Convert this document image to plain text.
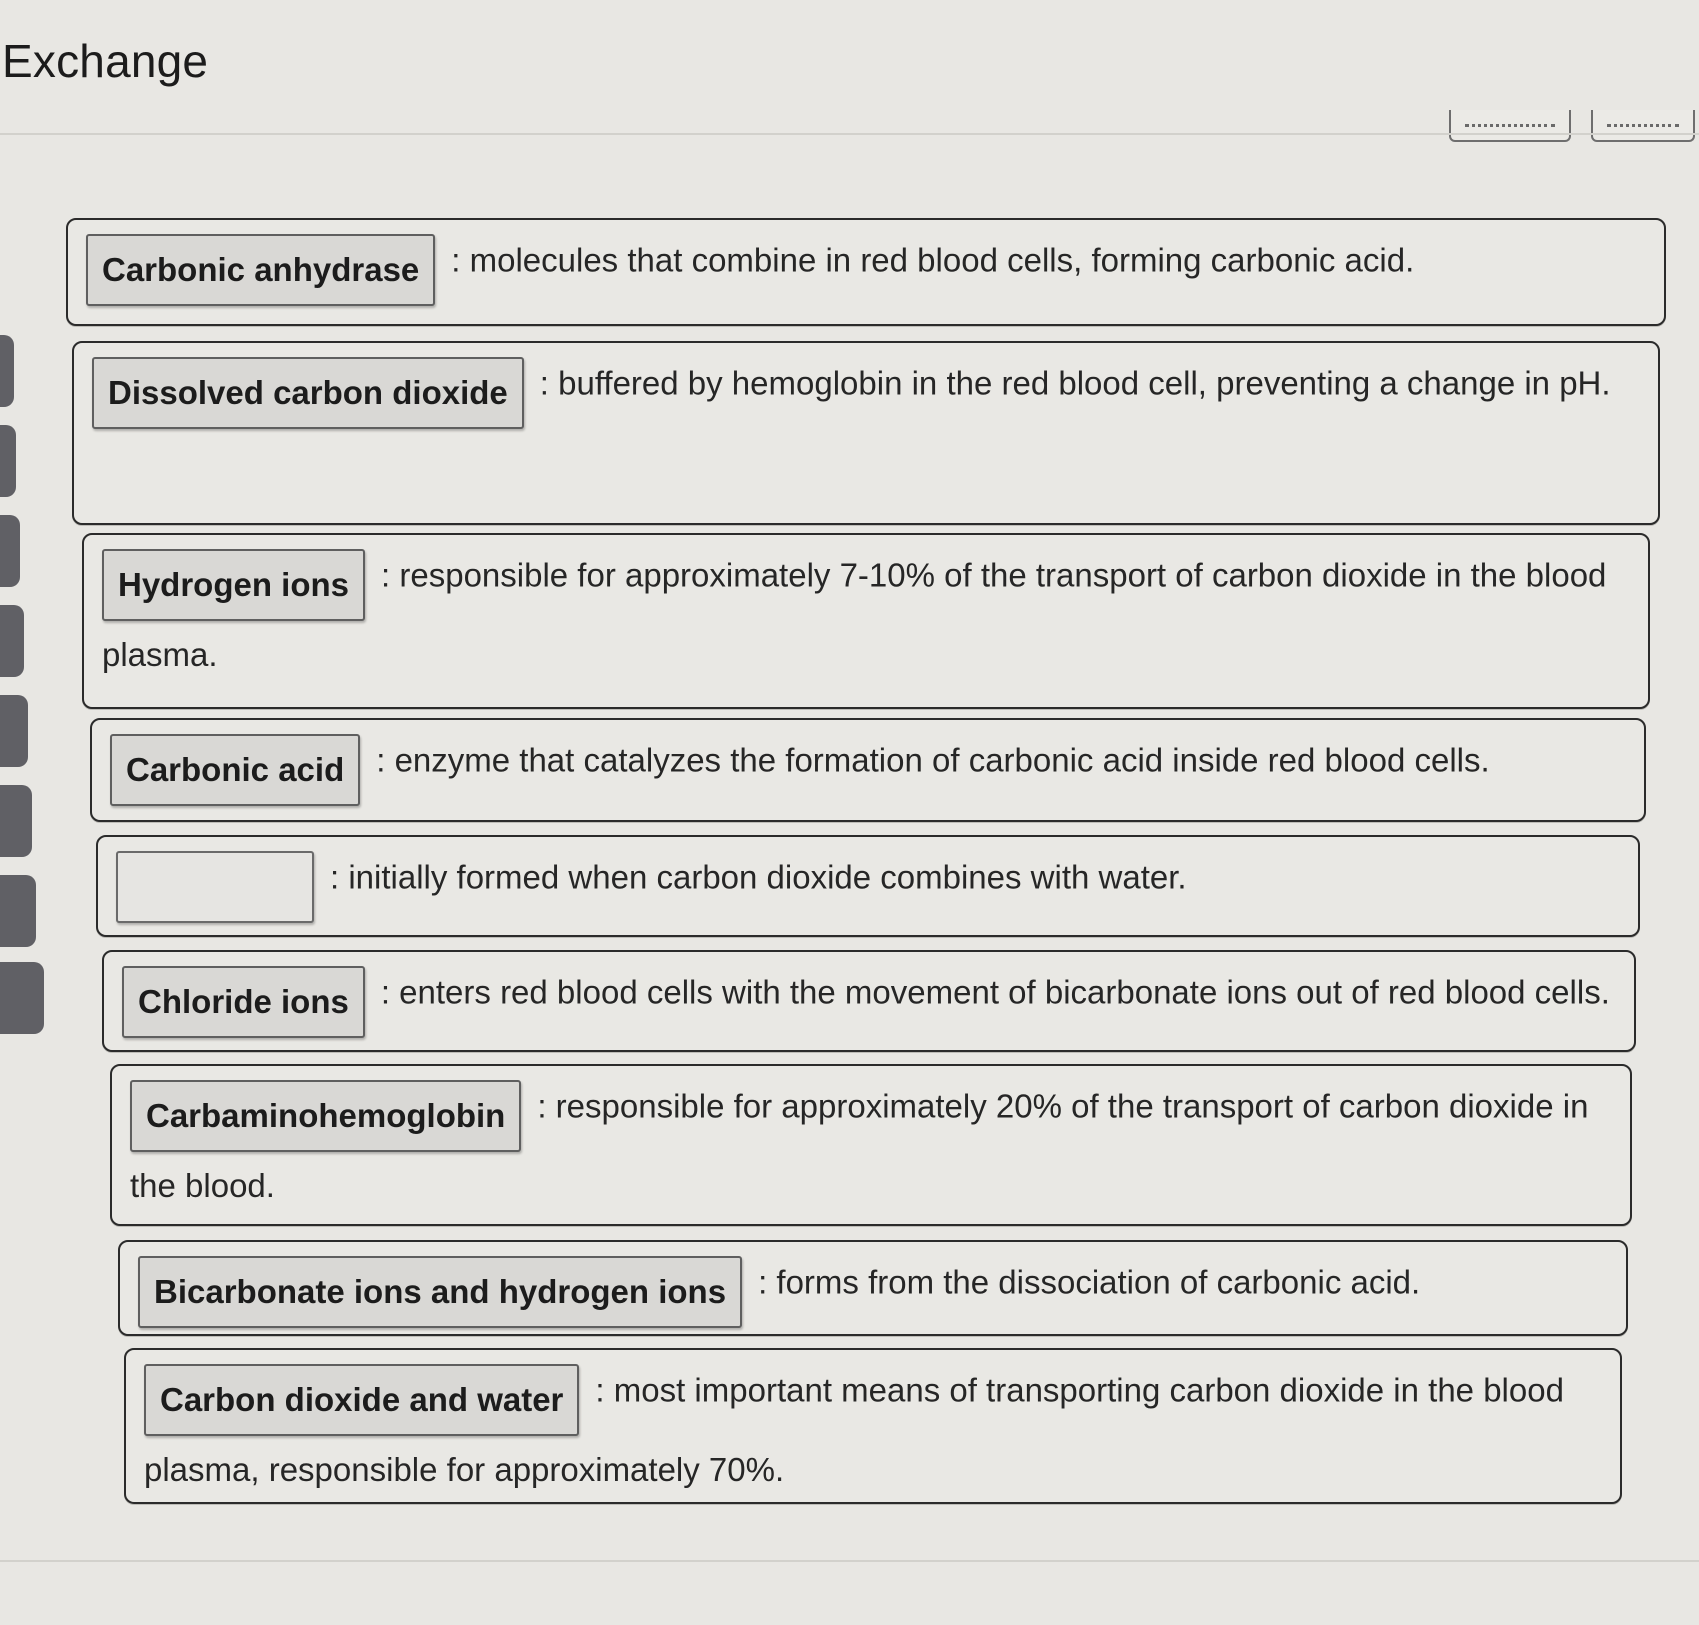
Exchange
Carbonic anhydrase : molecules that combine in red blood cells, forming carbonic acid.
Dissolved carbon dioxide : buffered by hemoglobin in the red blood cell, preventing a change in pH.
Hydrogen ions : responsible for approximately 7-10% of the transport of carbon dioxide in the blood plasma.
Carbonic acid : enzyme that catalyzes the formation of carbonic acid inside red blood cells.
: initially formed when carbon dioxide combines with water.
Chloride ions : enters red blood cells with the movement of bicarbonate ions out of red blood cells.
Carbaminohemoglobin : responsible for approximately 20% of the transport of carbon dioxide in the blood.
Bicarbonate ions and hydrogen ions : forms from the dissociation of carbonic acid.
Carbon dioxide and water : most important means of transporting carbon dioxide in the blood plasma, responsible for approximately 70%.
